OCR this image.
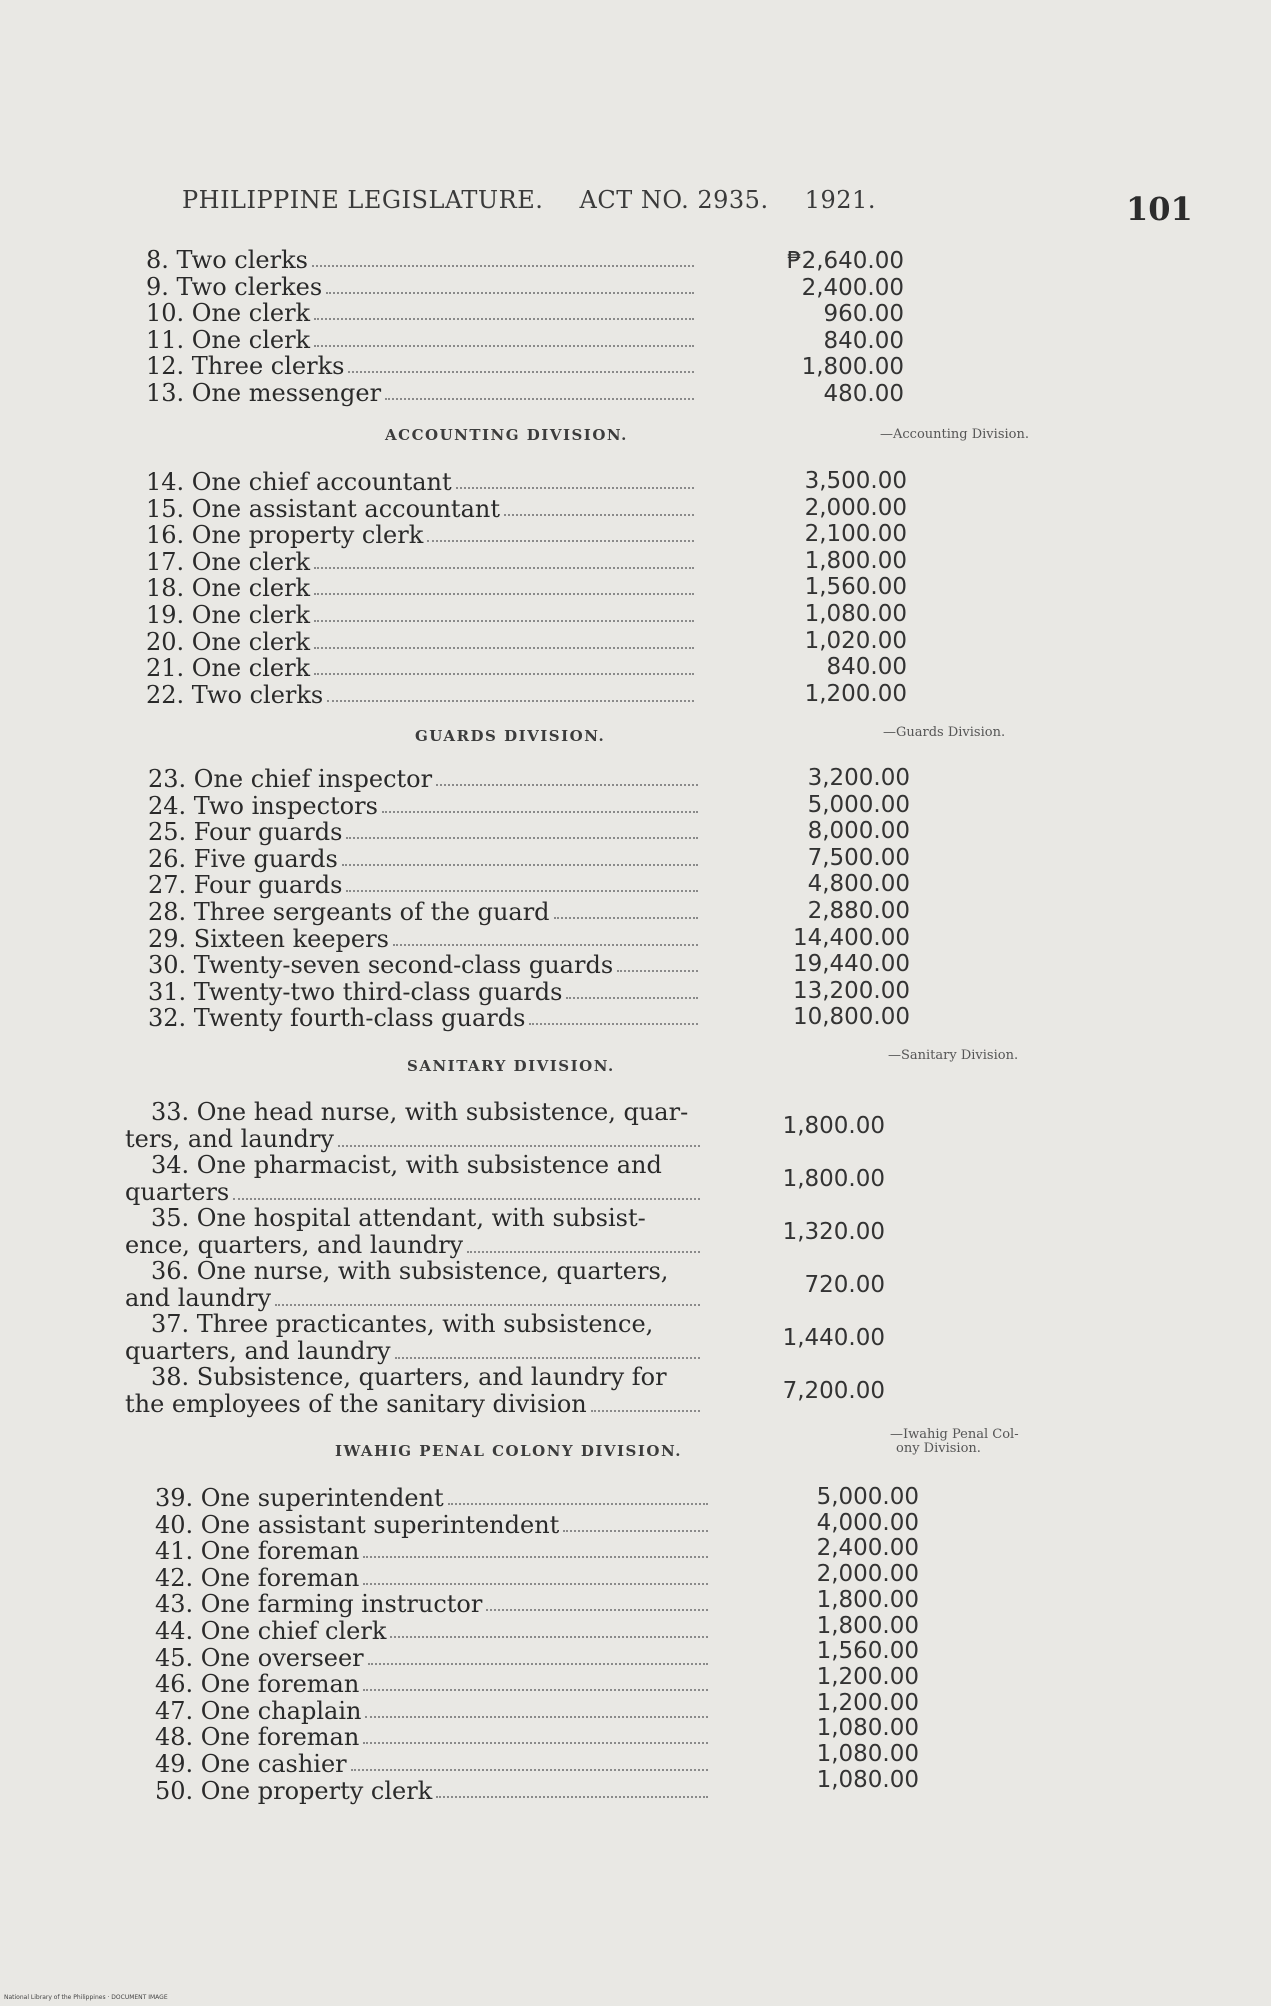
PHILIPPINE LEGISLATURE. ACT NO. 2935. 1921.	101
8. Two clerks	₱2,640.00
9. Two clerkes	2,400.00
10. One clerk	960.00
11. One clerk	840.00
12. Three clerks	1,800.00
13. One messenger	480.00
ACCOUNTING DIVISION.	—Accounting Division.
14. One chief accountant	3,500.00
15. One assistant accountant	2,000.00
16. One property clerk	2,100.00
17. One clerk	1,800.00
18. One clerk	1,560.00
19. One clerk	1,080.00
20. One clerk	1,020.00
21. One clerk	840.00
22. Two clerks	1,200.00
GUARDS DIVISION.	—Guards Division.
23. One chief inspector	3,200.00
24. Two inspectors	5,000.00
25. Four guards	8,000.00
26. Five guards	7,500.00
27. Four guards	4,800.00
28. Three sergeants of the guard	2,880.00
29. Sixteen keepers	14,400.00
30. Twenty-seven second-class guards	19,440.00
31. Twenty-two third-class guards	13,200.00
32. Twenty fourth-class guards	10,800.00
SANITARY DIVISION.
—Sanitary Division.
33. One head nurse, with subsistence, quar-
ters, and laundry	1,800.00
34. One pharmacist, with subsistence and
quarters	1,800.00
35. One hospital attendant, with subsist-
ence, quarters, and laundry	1,320.00
36. One nurse, with subsistence, quarters,
and laundry	720.00
37. Three practicantes, with subsistence,
quarters, and laundry	1,440.00
38. Subsistence, quarters, and laundry for
the employees of the sanitary division	7,200.00
IWAHIG PENAL COLONY DIVISION.
—Iwahig Penal Col-
ony Division.
39. One superintendent	5,000.00
40. One assistant superintendent	4,000.00
41. One foreman	2,400.00
42. One foreman	2,000.00
43. One farming instructor	1,800.00
44. One chief clerk	1,800.00
45. One overseer	1,560.00
46. One foreman	1,200.00
47. One chaplain	1,200.00
48. One foreman	1,080.00
49. One cashier	1,080.00
50. One property clerk	1,080.00
National Library of the Philippines · DOCUMENT IMAGE
